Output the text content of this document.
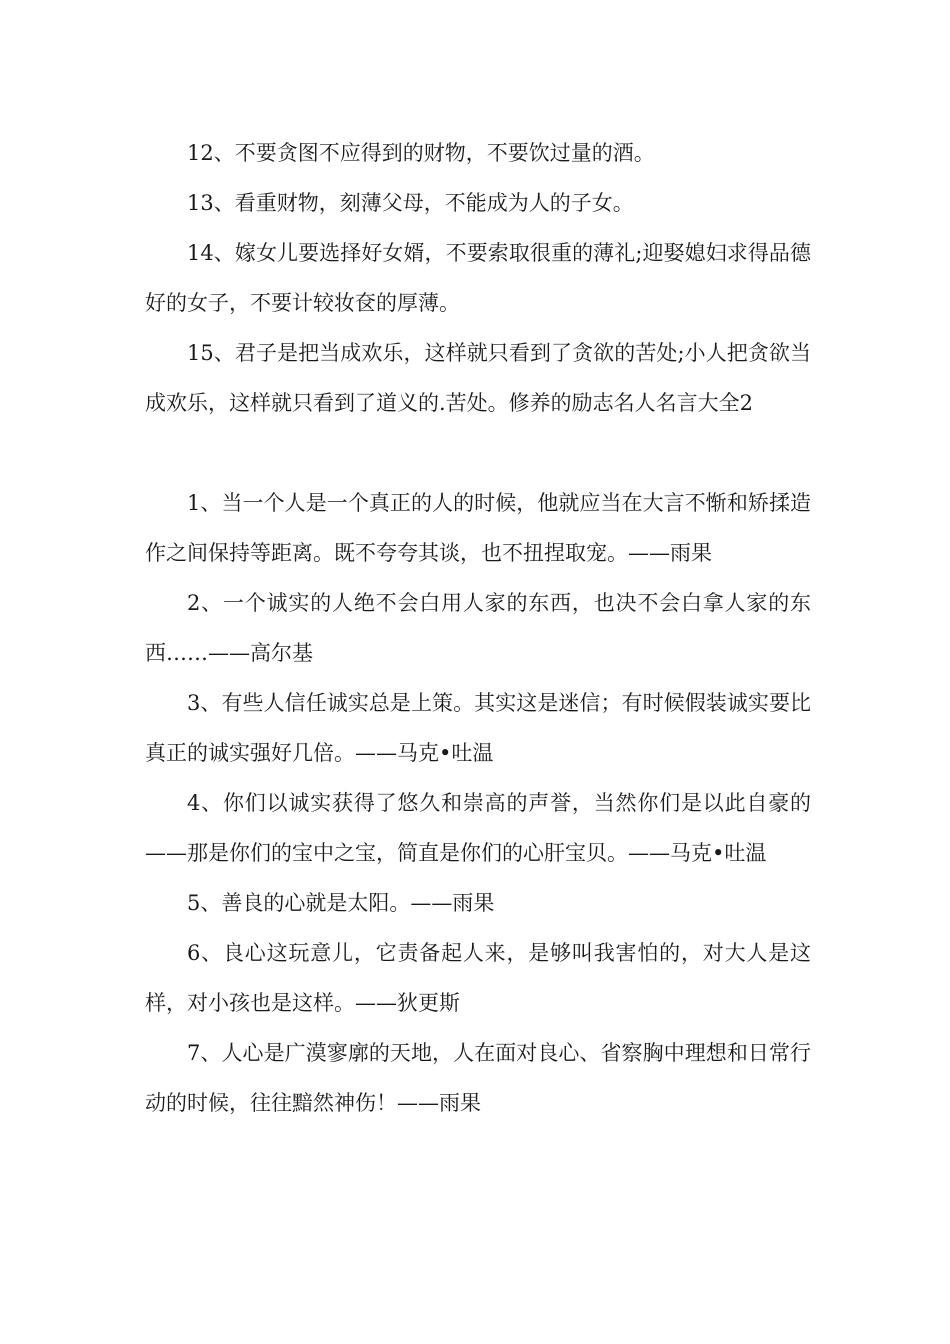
12、不要贪图不应得到的财物，不要饮过量的酒。

13、看重财物，刻薄父母，不能成为人的子女。

14、嫁女儿要选择好女婿，不要索取很重的薄礼;迎娶媳妇求得品德好的女子，不要计较妆奁的厚薄。

15、君子是把当成欢乐，这样就只看到了贪欲的苦处;小人把贪欲当成欢乐，这样就只看到了道义的.苦处。修养的励志名人名言大全2

1、当一个人是一个真正的人的时候，他就应当在大言不惭和矫揉造作之间保持等距离。既不夸夸其谈，也不扭捏取宠。——雨果

2、一个诚实的人绝不会白用人家的东西，也决不会白拿人家的东西……——高尔基

3、有些人信任诚实总是上策。其实这是迷信；有时候假装诚实要比真正的诚实强好几倍。——马克•吐温

4、你们以诚实获得了悠久和崇高的声誉，当然你们是以此自豪的——那是你们的宝中之宝，简直是你们的心肝宝贝。——马克•吐温

5、善良的心就是太阳。——雨果

6、良心这玩意儿，它责备起人来，是够叫我害怕的，对大人是这样，对小孩也是这样。——狄更斯

7、人心是广漠寥廓的天地，人在面对良心、省察胸中理想和日常行动的时候，往往黯然神伤！——雨果
